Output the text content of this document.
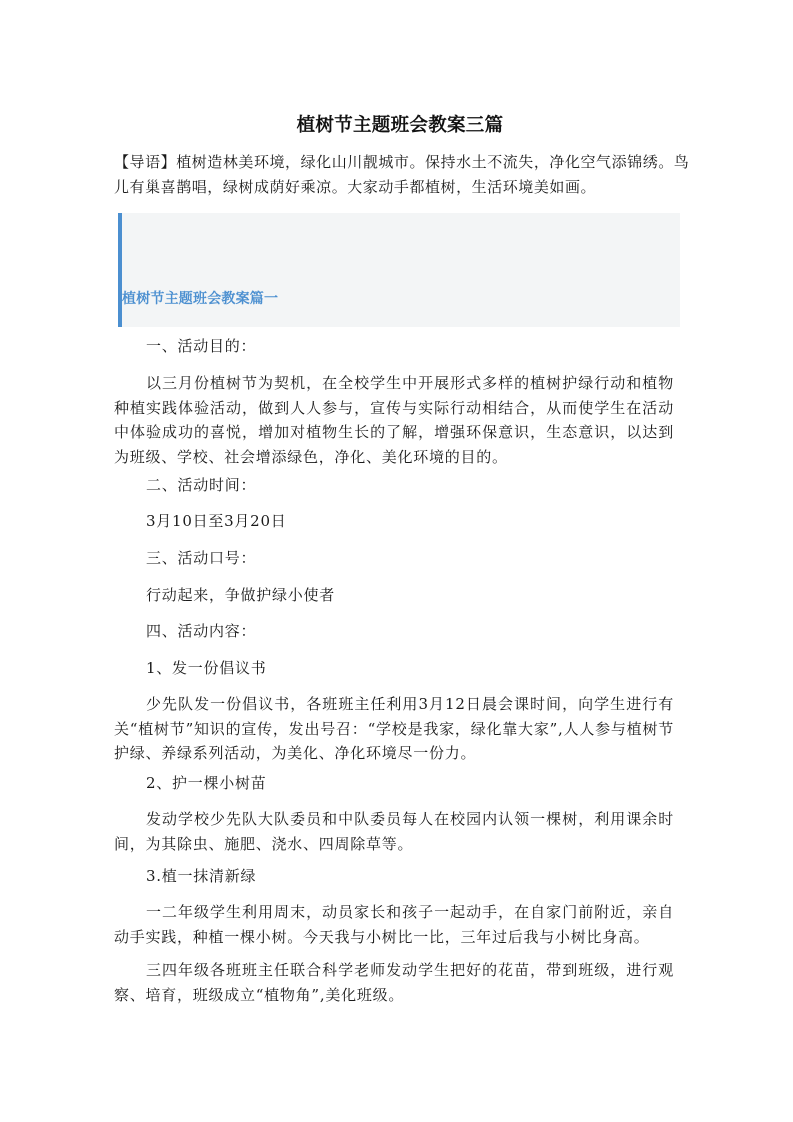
植树节主题班会教案三篇

【导语】植树造林美环境，绿化山川靓城市。保持水土不流失，净化空气添锦绣。鸟儿有巢喜鹊唱，绿树成荫好乘凉。大家动手都植树，生活环境美如画。

植树节主题班会教案篇一

一、活动目的：

以三月份植树节为契机，在全校学生中开展形式多样的植树护绿行动和植物种植实践体验活动，做到人人参与，宣传与实际行动相结合，从而使学生在活动中体验成功的喜悦，增加对植物生长的了解，增强环保意识，生态意识，以达到为班级、学校、社会增添绿色，净化、美化环境的目的。

二、活动时间：

3月10日至3月20日

三、活动口号：

行动起来，争做护绿小使者

四、活动内容：

1、发一份倡议书

少先队发一份倡议书，各班班主任利用3月12日晨会课时间，向学生进行有关“植树节”知识的宣传，发出号召：“学校是我家，绿化靠大家”,人人参与植树节护绿、养绿系列活动，为美化、净化环境尽一份力。

2、护一棵小树苗

发动学校少先队大队委员和中队委员每人在校园内认领一棵树，利用课余时间，为其除虫、施肥、浇水、四周除草等。

3.植一抹清新绿

一二年级学生利用周末，动员家长和孩子一起动手，在自家门前附近，亲自动手实践，种植一棵小树。今天我与小树比一比，三年过后我与小树比身高。

三四年级各班班主任联合科学老师发动学生把好的花苗，带到班级，进行观察、培育，班级成立“植物角”,美化班级。
